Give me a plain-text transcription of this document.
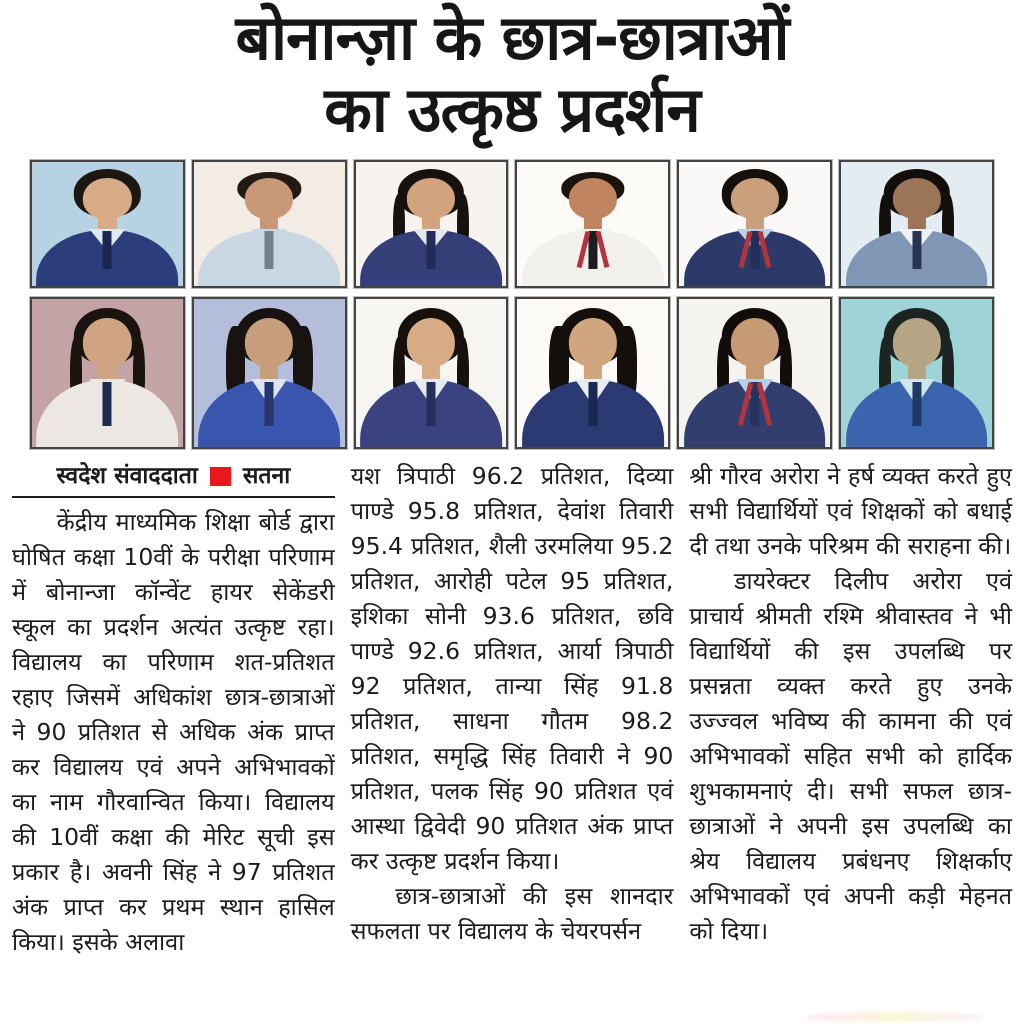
बोनान्ज़ा के छात्र-छात्राओं
का उत्कृष्ठ प्रदर्शन
स्वदेश संवाददाता सतना

केंद्रीय माध्यमिक शिक्षा बोर्ड द्वारा घोषित कक्षा 10वीं के परीक्षा परिणाम में बोनान्जा कॉन्वेंट हायर सेकेंडरी स्कूल का प्रदर्शन अत्यंत उत्कृष्ट रहा। विद्यालय का परिणाम शत-प्रतिशत रहाए जिसमें अधिकांश छात्र-छात्राओं ने 90 प्रतिशत से अधिक अंक प्राप्त कर विद्यालय एवं अपने अभिभावकों का नाम गौरवान्वित किया। विद्यालय की 10वीं कक्षा की मेरिट सूची इस प्रकार है। अवनी सिंह ने 97 प्रतिशत अंक प्राप्त कर प्रथम स्थान हासिल किया। इसके अलावा

यश त्रिपाठी 96.2 प्रतिशत, दिव्या पाण्डे 95.8 प्रतिशत, देवांश तिवारी 95.4 प्रतिशत, शैली उरमलिया 95.2 प्रतिशत, आरोही पटेल 95 प्रतिशत, इशिका सोनी 93.6 प्रतिशत, छवि पाण्डे 92.6 प्रतिशत, आर्या त्रिपाठी 92 प्रतिशत, तान्या सिंह 91.8 प्रतिशत, साधना गौतम 98.2 प्रतिशत, समृद्धि सिंह तिवारी ने 90 प्रतिशत, पलक सिंह 90 प्रतिशत एवं आस्था द्विवेदी 90 प्रतिशत अंक प्राप्त कर उत्कृष्ट प्रदर्शन किया।

छात्र-छात्राओं की इस शानदार सफलता पर विद्यालय के चेयरपर्सन

श्री गौरव अरोरा ने हर्ष व्यक्त करते हुए सभी विद्यार्थियों एवं शिक्षकों को बधाई दी तथा उनके परिश्रम की सराहना की।

डायरेक्टर दिलीप अरोरा एवं प्राचार्य श्रीमती रश्मि श्रीवास्तव ने भी विद्यार्थियों की इस उपलब्धि पर प्रसन्नता व्यक्त करते हुए उनके उज्ज्वल भविष्य की कामना की एवं अभिभावकों सहित सभी को हार्दिक शुभकामनाएं दी। सभी सफल छात्र-छात्राओं ने अपनी इस उपलब्धि का श्रेय विद्यालय प्रबंधनए शिक्षर्काए अभिभावकों एवं अपनी कड़ी मेहनत को दिया।
